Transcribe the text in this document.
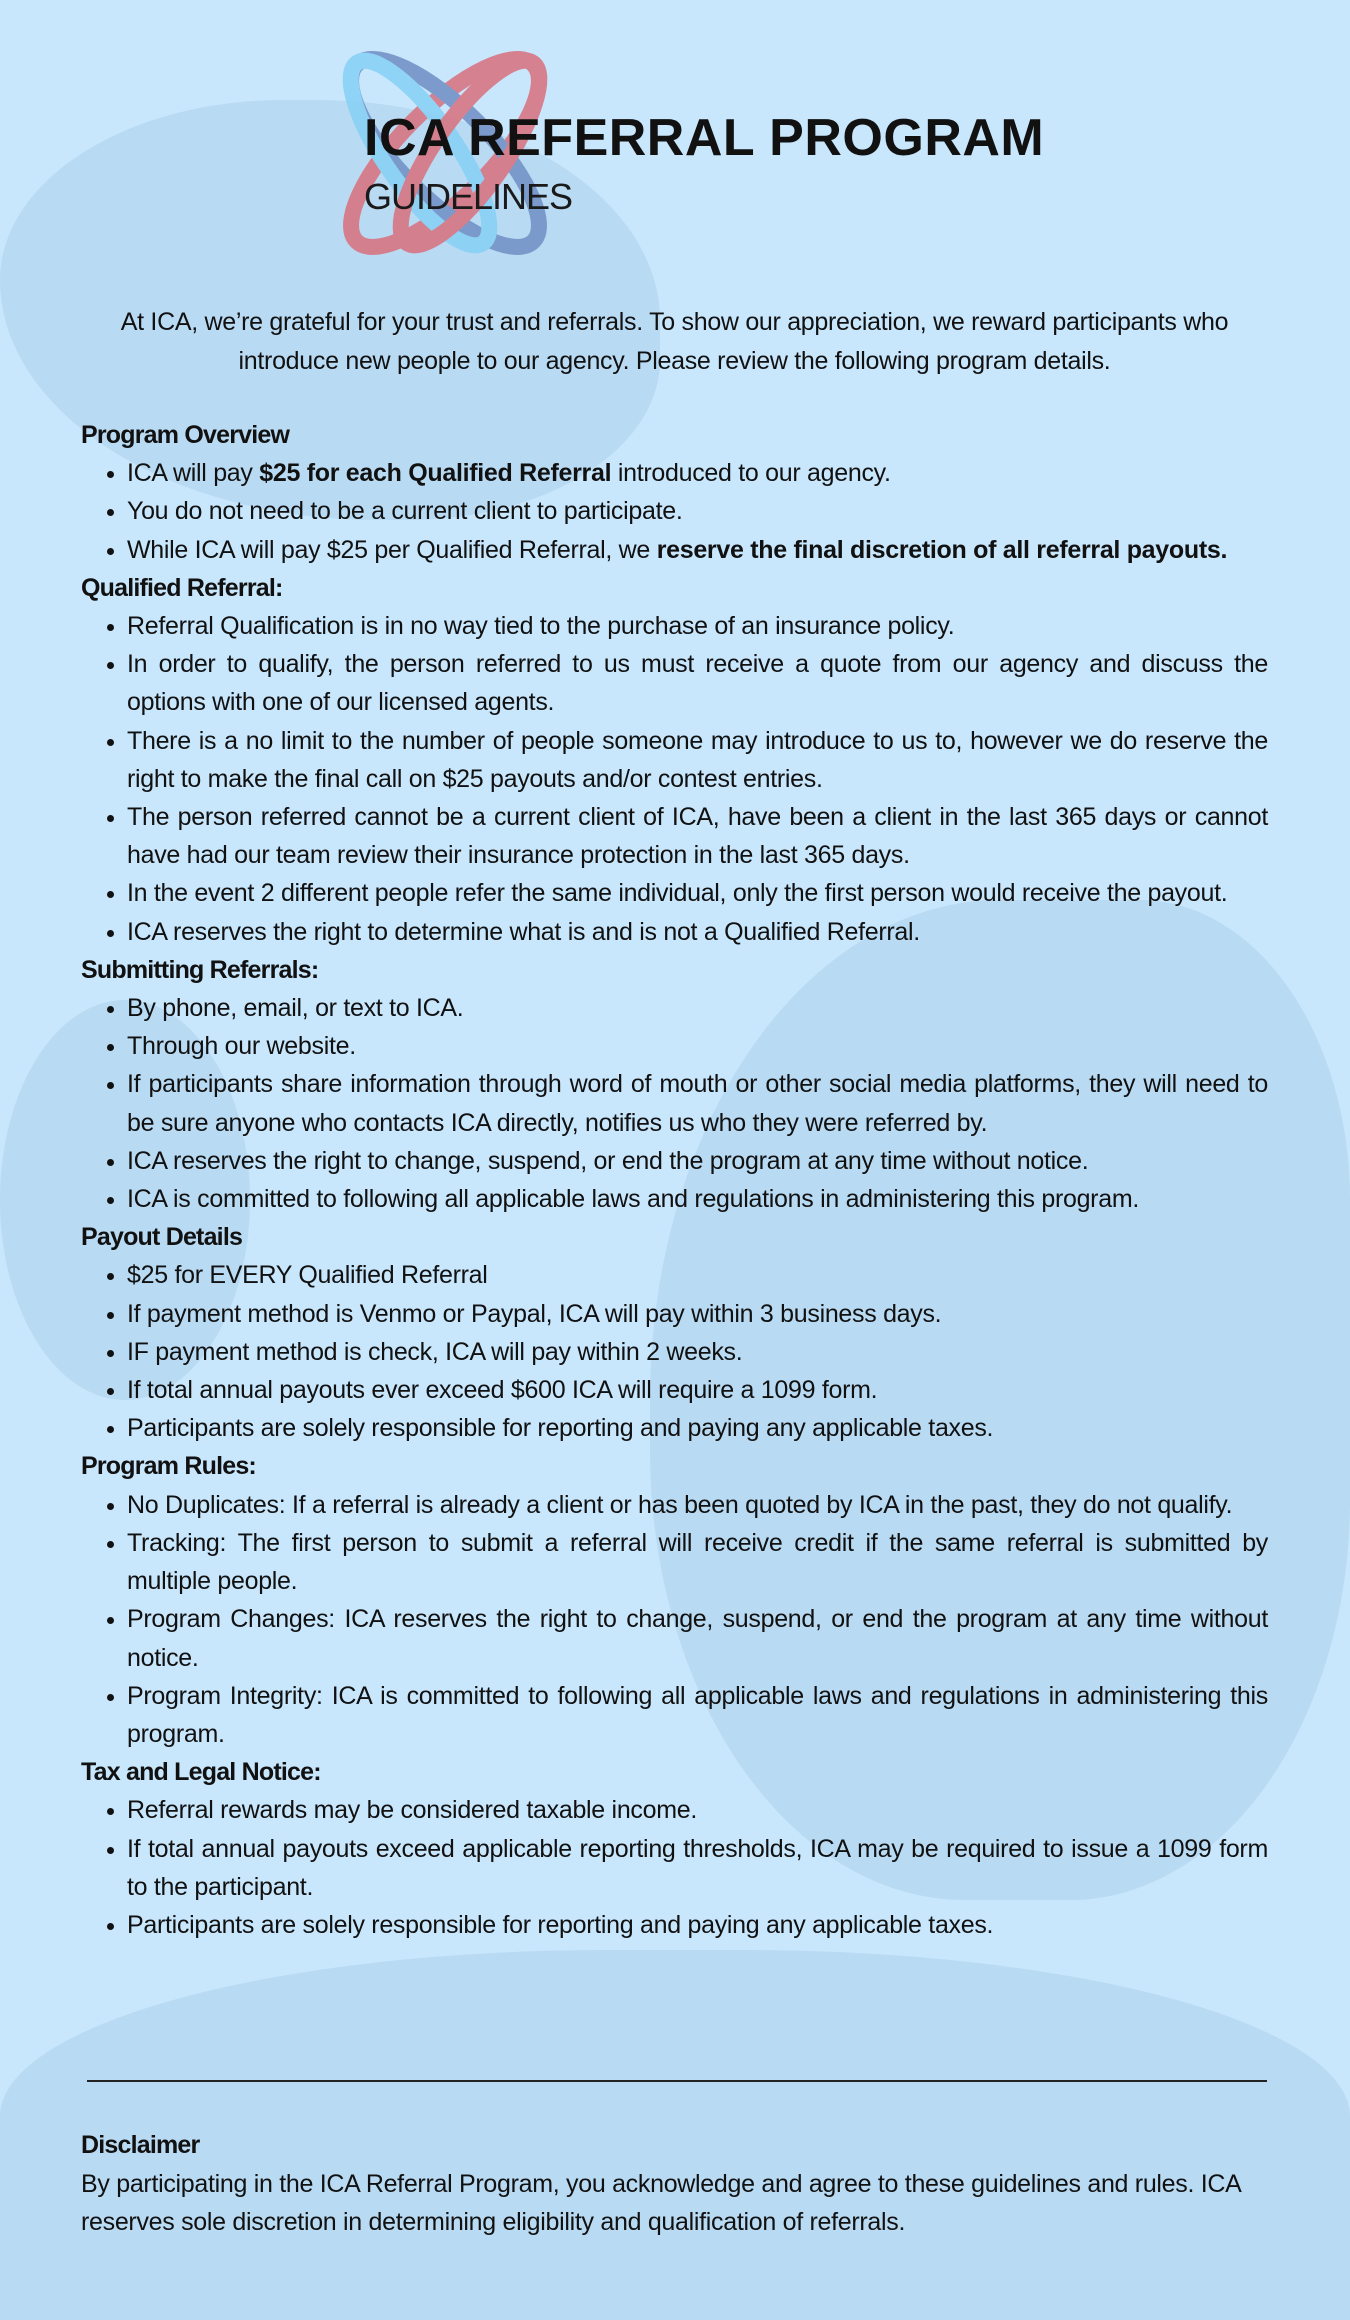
ICA REFERRAL PROGRAM
GUIDELINES
At ICA, we’re grateful for your trust and referrals. To show our appreciation, we reward participants who introduce new people to our agency. Please review the following program details.
Program Overview
• ICA will pay $25 for each Qualified Referral introduced to our agency.
• You do not need to be a current client to participate.
• While ICA will pay $25 per Qualified Referral, we reserve the final discretion of all referral payouts.
Qualified Referral:
• Referral Qualification is in no way tied to the purchase of an insurance policy.
• In order to qualify, the person referred to us must receive a quote from our agency and discuss the options with one of our licensed agents.
• There is a no limit to the number of people someone may introduce to us to, however we do reserve the right to make the final call on $25 payouts and/or contest entries.
• The person referred cannot be a current client of ICA, have been a client in the last 365 days or cannot have had our team review their insurance protection in the last 365 days.
• In the event 2 different people refer the same individual, only the first person would receive the payout.
• ICA reserves the right to determine what is and is not a Qualified Referral.
Submitting Referrals:
• By phone, email, or text to ICA.
• Through our website.
• If participants share information through word of mouth or other social media platforms, they will need to be sure anyone who contacts ICA directly, notifies us who they were referred by.
• ICA reserves the right to change, suspend, or end the program at any time without notice.
• ICA is committed to following all applicable laws and regulations in administering this program.
Payout Details
• $25 for EVERY Qualified Referral
• If payment method is Venmo or Paypal, ICA will pay within 3 business days.
• IF payment method is check, ICA will pay within 2 weeks.
• If total annual payouts ever exceed $600 ICA will require a 1099 form.
• Participants are solely responsible for reporting and paying any applicable taxes.
Program Rules:
• No Duplicates: If a referral is already a client or has been quoted by ICA in the past, they do not qualify.
• Tracking: The first person to submit a referral will receive credit if the same referral is submitted by multiple people.
• Program Changes: ICA reserves the right to change, suspend, or end the program at any time without notice.
• Program Integrity: ICA is committed to following all applicable laws and regulations in administering this program.
Tax and Legal Notice:
• Referral rewards may be considered taxable income.
• If total annual payouts exceed applicable reporting thresholds, ICA may be required to issue a 1099 form to the participant.
• Participants are solely responsible for reporting and paying any applicable taxes.
Disclaimer
By participating in the ICA Referral Program, you acknowledge and agree to these guidelines and rules. ICA reserves sole discretion in determining eligibility and qualification of referrals.
